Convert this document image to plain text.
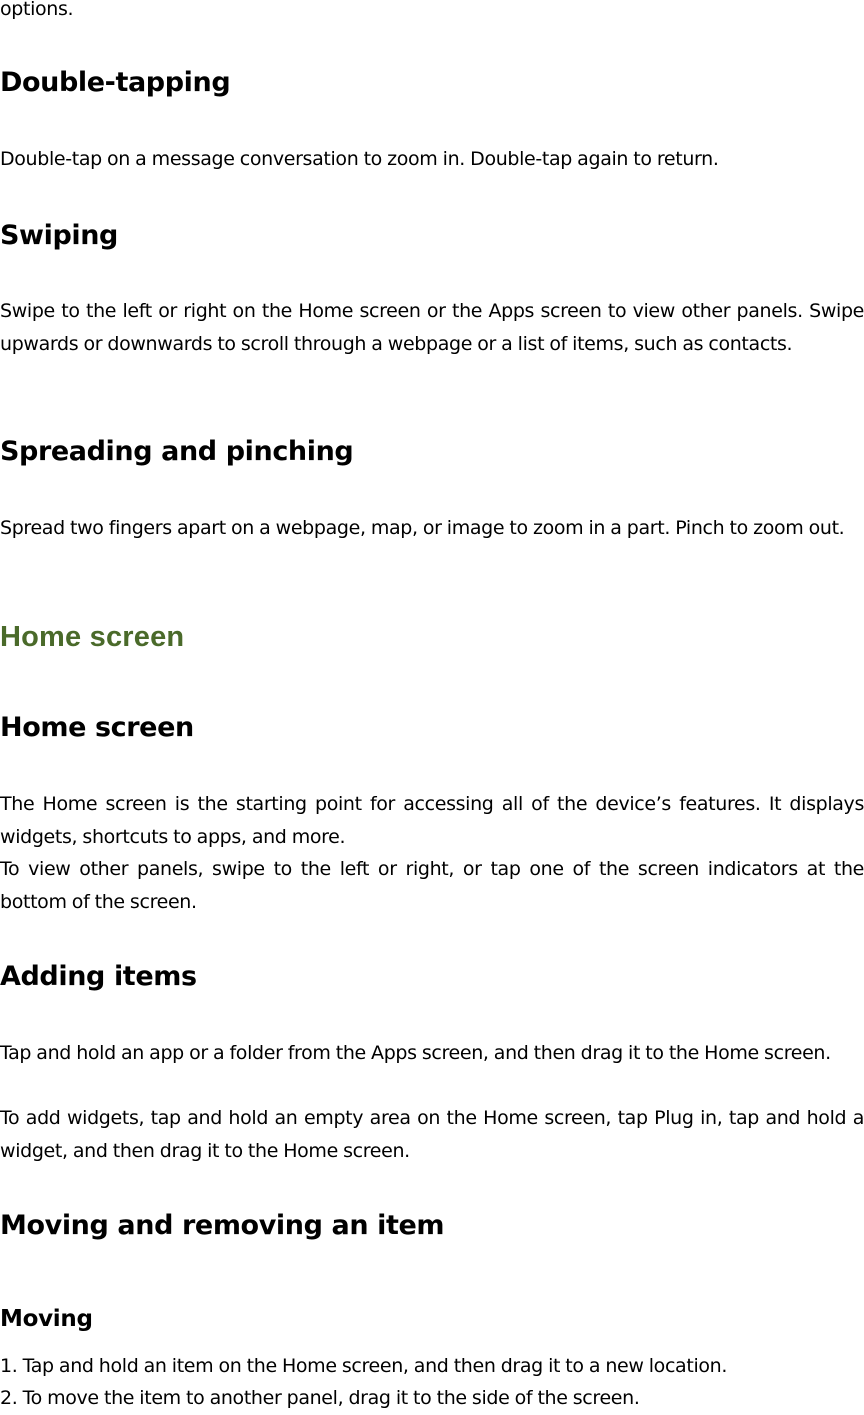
options.

Double-tapping

Double-tap on a message conversation to zoom in. Double-tap again to return.

Swiping

Swipe to the left or right on the Home screen or the Apps screen to view other panels. Swipe upwards or downwards to scroll through a webpage or a list of items, such as contacts.

Spreading and pinching

Spread two fingers apart on a webpage, map, or image to zoom in a part. Pinch to zoom out.

Home screen
Home screen

The Home screen is the starting point for accessing all of the device’s features. It displays widgets, shortcuts to apps, and more.

To view other panels, swipe to the left or right, or tap one of the screen indicators at the bottom of the screen.

Adding items

Tap and hold an app or a folder from the Apps screen, and then drag it to the Home screen.

To add widgets, tap and hold an empty area on the Home screen, tap Plug in, tap and hold a widget, and then drag it to the Home screen.

Moving and removing an item
Moving

1. Tap and hold an item on the Home screen, and then drag it to a new location.

2. To move the item to another panel, drag it to the side of the screen.
